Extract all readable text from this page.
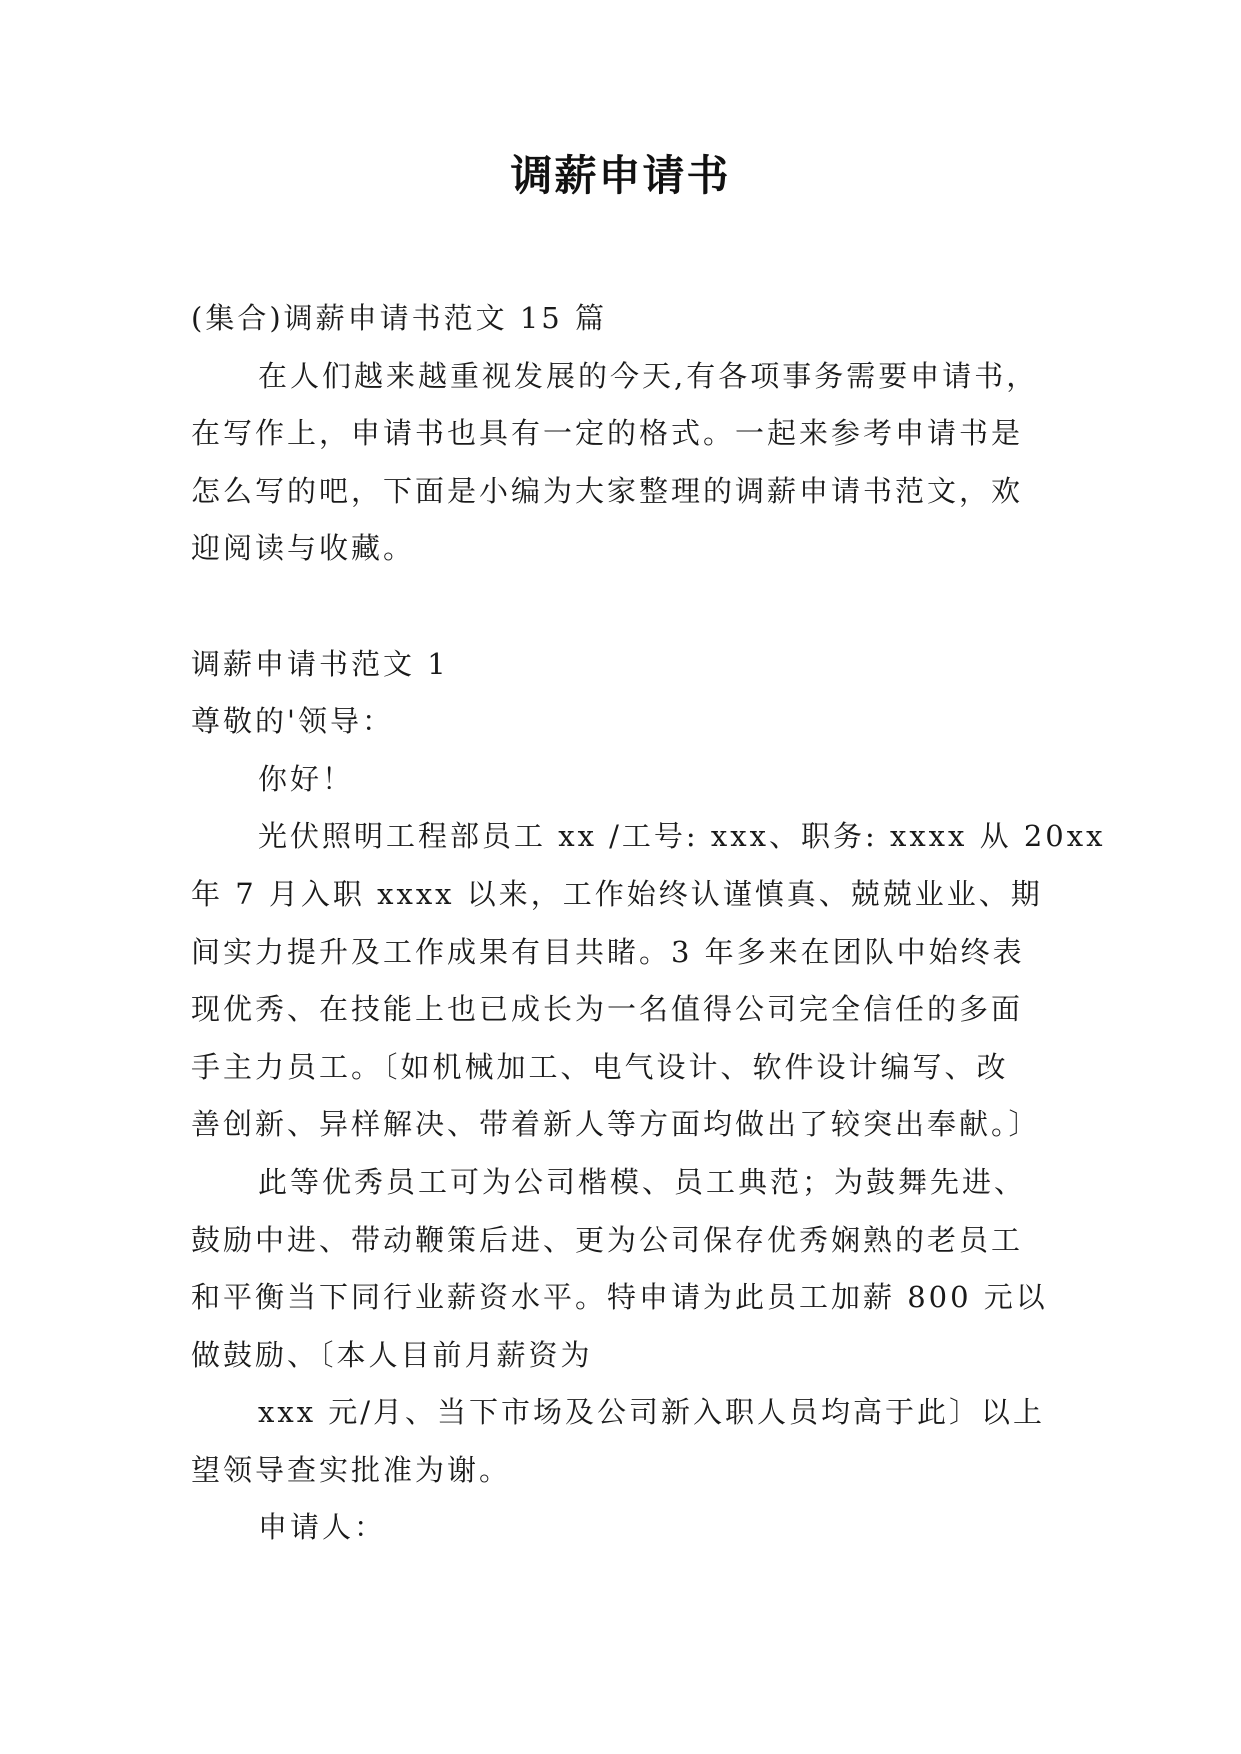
调薪申请书

(集合)调薪申请书范文 15 篇

在人们越来越重视发展的今天,有各项事务需要申请书，

在写作上，申请书也具有一定的格式。一起来参考申请书是

怎么写的吧，下面是小编为大家整理的调薪申请书范文，欢

迎阅读与收藏。

调薪申请书范文 1

尊敬的'领导：

你好！

光伏照明工程部员工 xx /工号: xxx、职务: xxxx 从 20xx

年 7 月入职 xxxx 以来，工作始终认谨慎真、兢兢业业、期

间实力提升及工作成果有目共睹。3 年多来在团队中始终表

现优秀、在技能上也已成长为一名值得公司完全信任的多面

手主力员工。〔如机械加工、电气设计、软件设计编写、改

善创新、异样解决、带着新人等方面均做出了较突出奉献。〕

此等优秀员工可为公司楷模、员工典范；为鼓舞先进、

鼓励中进、带动鞭策后进、更为公司保存优秀娴熟的老员工

和平衡当下同行业薪资水平。特申请为此员工加薪 800 元以

做鼓励、〔本人目前月薪资为

xxx 元/月、当下市场及公司新入职人员均高于此〕以上

望领导查实批准为谢。

申请人：
